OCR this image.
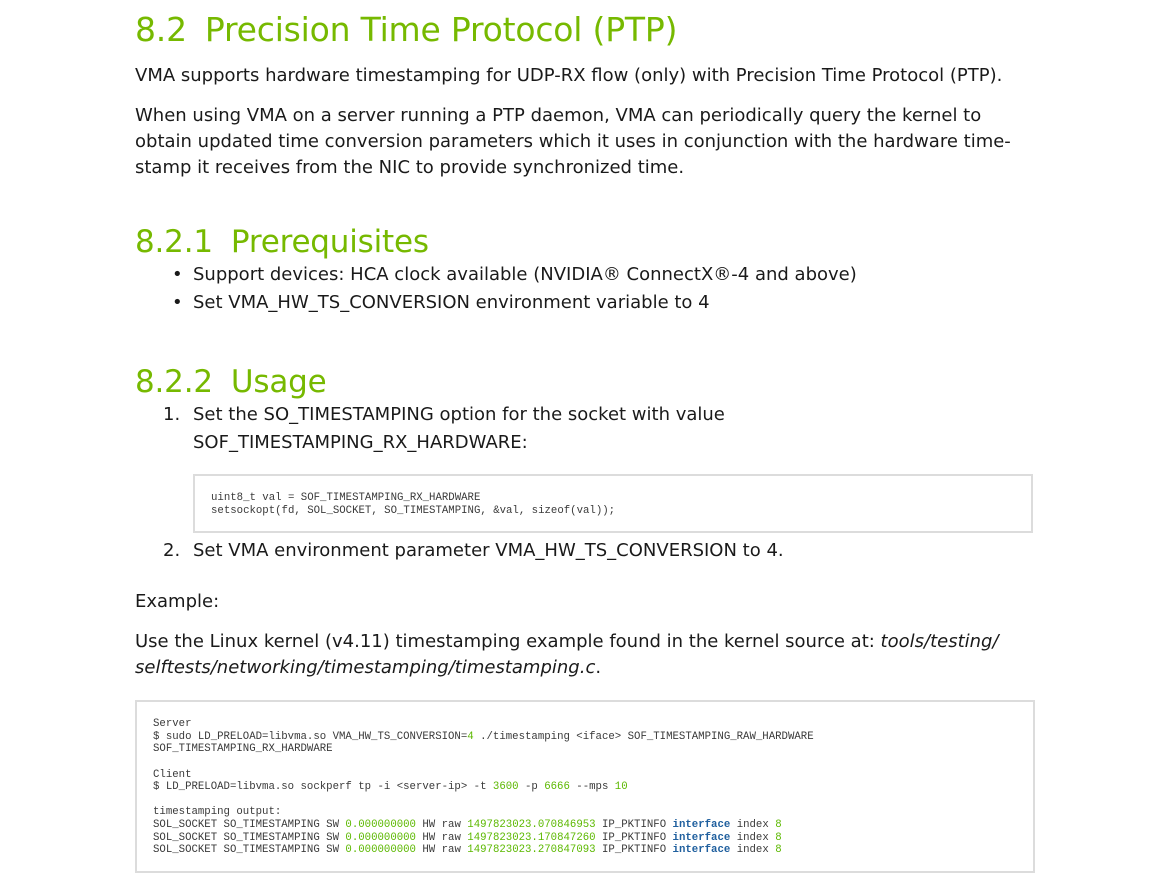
8.2 Precision Time Protocol (PTP)

VMA supports hardware timestamping for UDP-RX flow (only) with Precision Time Protocol (PTP).

When using VMA on a server running a PTP daemon, VMA can periodically query the kernel to obtain updated time conversion parameters which it uses in conjunction with the hardware time-stamp it receives from the NIC to provide synchronized time.

8.2.1 Prerequisites
• Support devices: HCA clock available (NVIDIA® ConnectX®-4 and above)
• Set VMA_HW_TS_CONVERSION environment variable to 4
8.2.2 Usage
1. Set the SO_TIMESTAMPING option for the socket with value
SOF_TIMESTAMPING_RX_HARDWARE:
uint8_t val = SOF_TIMESTAMPING_RX_HARDWARE
setsockopt(fd, SOL_SOCKET, SO_TIMESTAMPING, &val, sizeof(val));
2. Set VMA environment parameter VMA_HW_TS_CONVERSION to 4.

Example:

Use the Linux kernel (v4.11) timestamping example found in the kernel source at: tools/testing/
selftests/networking/timestamping/timestamping.c.

Server
$ sudo LD_PRELOAD=libvma.so VMA_HW_TS_CONVERSION=4 ./timestamping <iface> SOF_TIMESTAMPING_RAW_HARDWARE
SOF_TIMESTAMPING_RX_HARDWARE
Client
$ LD_PRELOAD=libvma.so sockperf tp -i <server-ip> -t 3600 -p 6666 --mps 10
timestamping output:
SOL_SOCKET SO_TIMESTAMPING SW 0.000000000 HW raw 1497823023.070846953 IP_PKTINFO interface index 8
SOL_SOCKET SO_TIMESTAMPING SW 0.000000000 HW raw 1497823023.170847260 IP_PKTINFO interface index 8
SOL_SOCKET SO_TIMESTAMPING SW 0.000000000 HW raw 1497823023.270847093 IP_PKTINFO interface index 8
